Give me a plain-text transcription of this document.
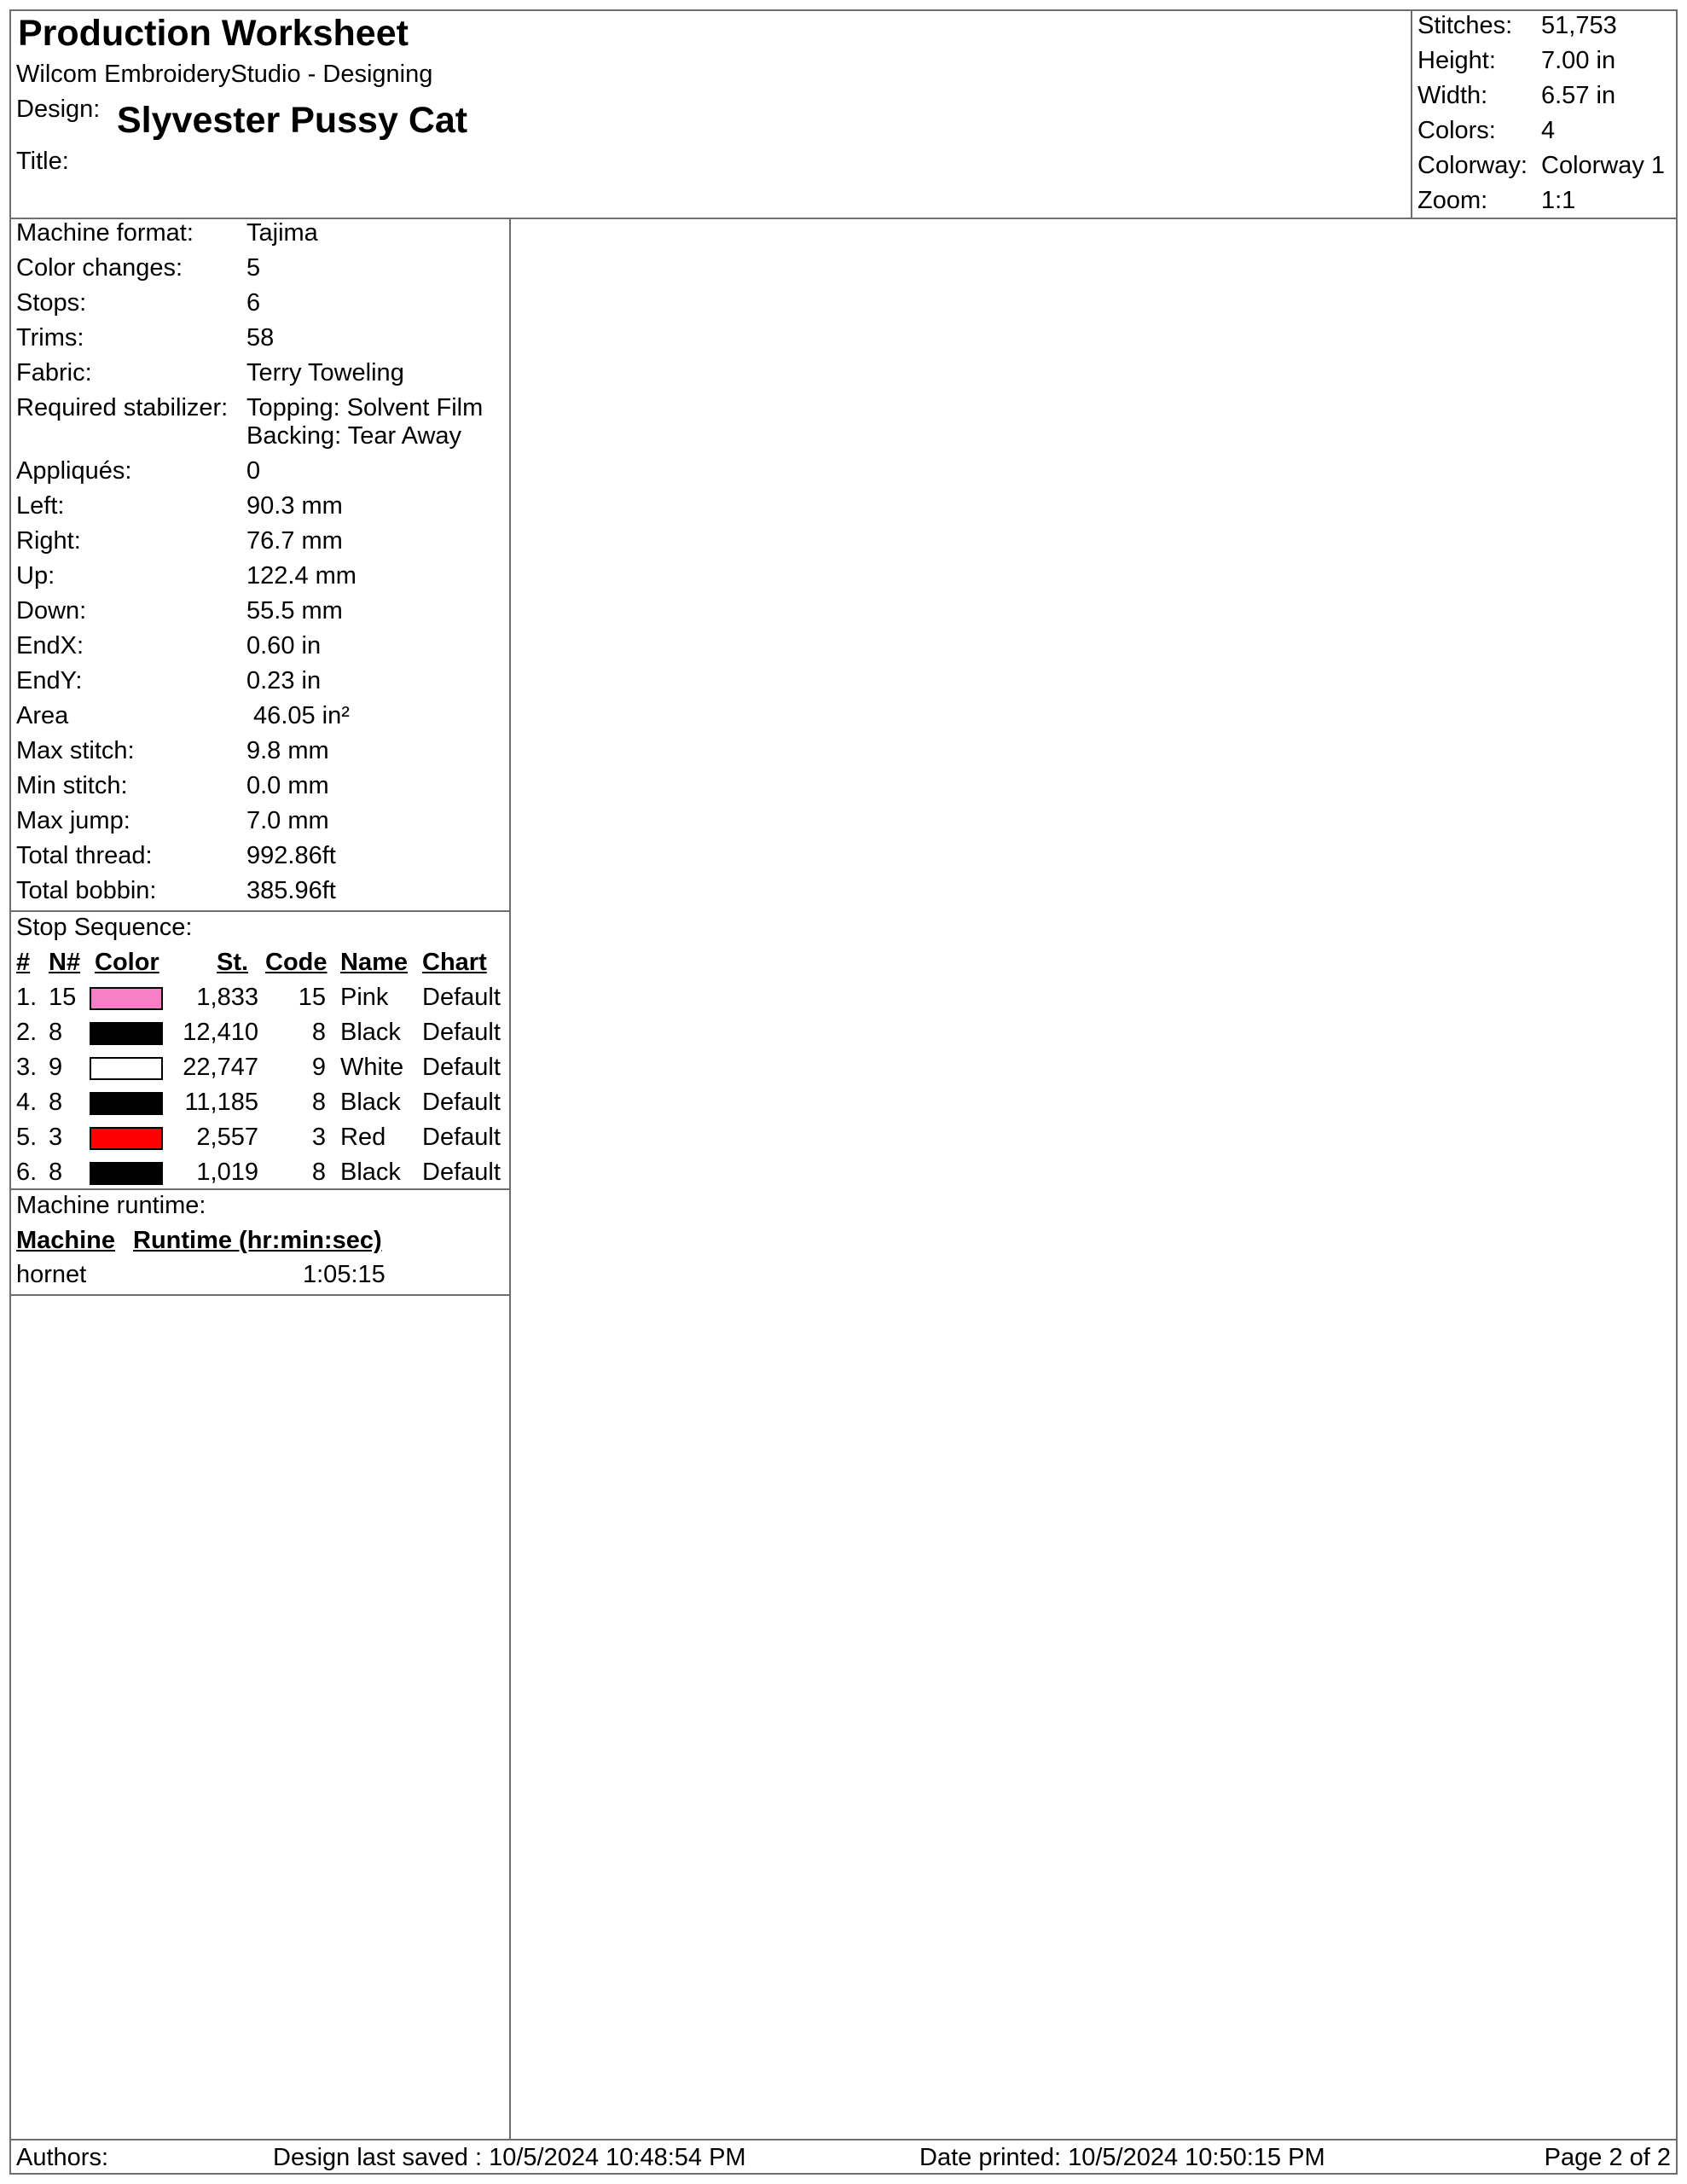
Production Worksheet
Wilcom EmbroideryStudio - Designing
Design: Slyvester Pussy Cat
Title:
Stitches: 51,753
Height: 7.00 in
Width: 6.57 in
Colors: 4
Colorway: Colorway 1
Zoom: 1:1
Machine format: Tajima
Color changes:	5
Stops:	6
Trims:	58
Fabric:	Terry Toweling
Required stabilizer: Topping: Solvent Film
Backing: Tear Away
Appliqués:	0
Left:	90.3 mm
Right:	76.7 mm
Up:	122.4 mm
Down:	55.5 mm
EndX:	0.60 in
EndY:	0.23 in
Area	46.05 in²
Max stitch:	9.8 mm
Min stitch:	0.0 mm
Max jump:	7.0 mm
Total thread:	992.86ft
Total bobbin:	385.96ft
Stop Sequence:
# N# Color St. Code Name Chart
1. 15	1,833 15 Pink Default
2. 8	12,410 8 Black Default
3. 9	22,747 9 White Default
4. 8	11,185 8 Black Default
5. 3	2,557 3 Red Default
6. 8	1,019 8 Black Default
Machine runtime:
Machine Runtime (hr:min:sec)
hornet	1:05:15
Authors:	Design last saved : 10/5/2024 10:48:54 PM	Date printed: 10/5/2024 10:50:15 PM	Page 2 of 2
